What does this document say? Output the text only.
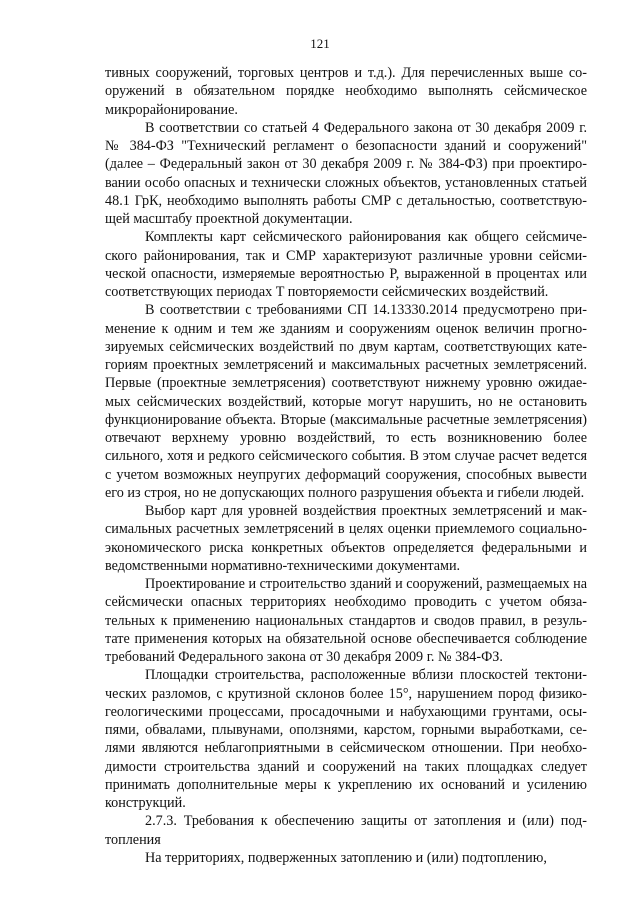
121

тивных сооружений, торговых центров и т.д.). Для перечисленных выше сооружений в обязательном порядке необходимо выполнять сейсмическое микрорайонирование.

В соответствии со статьей 4 Федерального закона от 30 декабря 2009 г. № 384-ФЗ "Технический регламент о безопасности зданий и сооружений" (далее – Федеральный закон от 30 декабря 2009 г. № 384-ФЗ) при проектировании особо опасных и технически сложных объектов, установленных статьей 48.1 ГрК, необходимо выполнять работы СМР с детальностью, соответствующей масштабу проектной документации.

Комплекты карт сейсмического районирования как общего сейсмического районирования, так и СМР характеризуют различные уровни сейсмической опасности, измеряемые вероятностью P, выраженной в процентах или соответствующих периодах T повторяемости сейсмических воздействий.

В соответствии с требованиями СП 14.13330.2014 предусмотрено применение к одним и тем же зданиям и сооружениям оценок величин прогнозируемых сейсмических воздействий по двум картам, соответствующих категориям проектных землетрясений и максимальных расчетных землетрясений. Первые (проектные землетрясения) соответствуют нижнему уровню ожидаемых сейсмических воздействий, которые могут нарушить, но не остановить функционирование объекта. Вторые (максимальные расчетные землетрясения) отвечают верхнему уровню воздействий, то есть возникновению более сильного, хотя и редкого сейсмического события. В этом случае расчет ведется с учетом возможных неупругих деформаций сооружения, способных вывести его из строя, но не допускающих полного разрушения объекта и гибели людей.

Выбор карт для уровней воздействия проектных землетрясений и максимальных расчетных землетрясений в целях оценки приемлемого социально-экономического риска конкретных объектов определяется федеральными и ведомственными нормативно-техническими документами.

Проектирование и строительство зданий и сооружений, размещаемых на сейсмически опасных территориях необходимо проводить с учетом обязательных к применению национальных стандартов и сводов правил, в результате применения которых на обязательной основе обеспечивается соблюдение требований Федерального закона от 30 декабря 2009 г. № 384-ФЗ.

Площадки строительства, расположенные вблизи плоскостей тектонических разломов, с крутизной склонов более 15°, нарушением пород физико-геологическими процессами, просадочными и набухающими грунтами, осыпями, обвалами, плывунами, оползнями, карстом, горными выработками, селями являются неблагоприятными в сейсмическом отношении. При необходимости строительства зданий и сооружений на таких площадках следует принимать дополнительные меры к укреплению их оснований и усилению конструкций.

2.7.3. Требования к обеспечению защиты от затопления и (или) подтопления

На территориях, подверженных затоплению и (или) подтоплению,
